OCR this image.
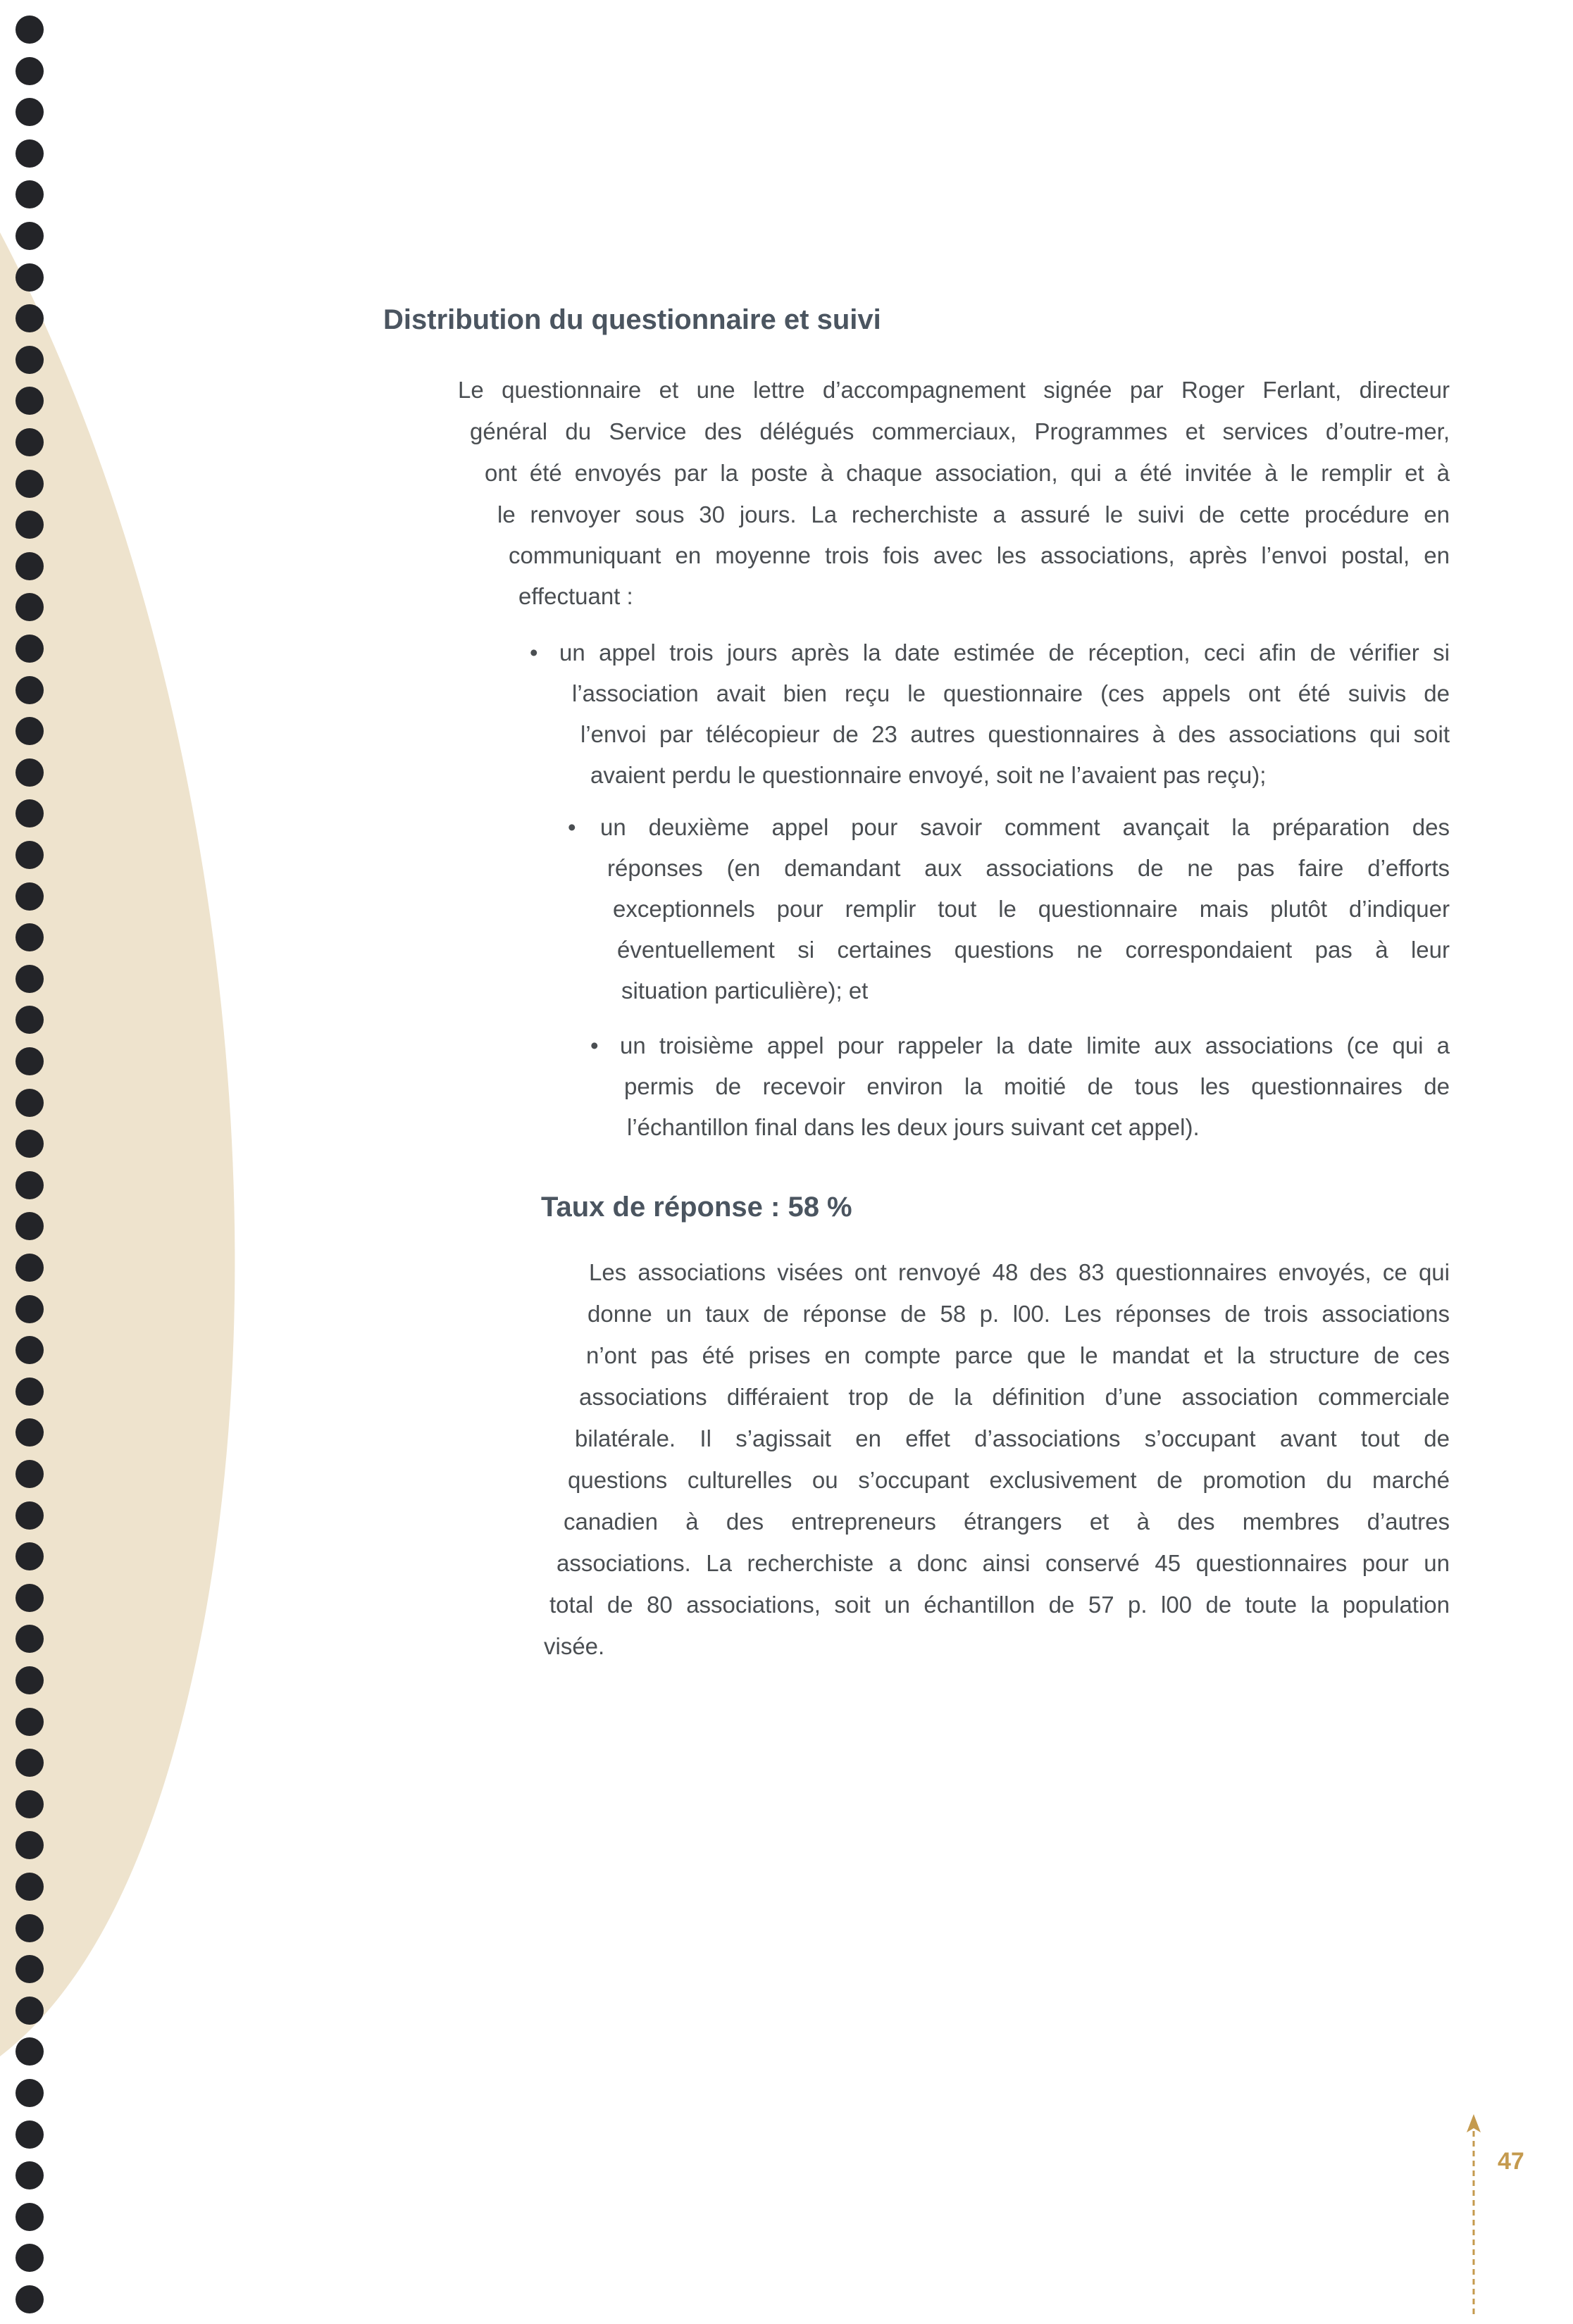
Distribution du questionnaire et suivi
Le questionnaire et une lettre d’accompagnement signée par Roger Ferlant, directeur
général du Service des délégués commerciaux, Programmes et services d’outre-mer,
ont été envoyés par la poste à chaque association, qui a été invitée à le remplir et à
le renvoyer sous 30 jours. La recherchiste a assuré le suivi de cette procédure en
communiquant en moyenne trois fois avec les associations, après l’envoi postal, en
effectuant :
• un appel trois jours après la date estimée de réception, ceci afin de vérifier si
l’association avait bien reçu le questionnaire (ces appels ont été suivis de
l’envoi par télécopieur de 23 autres questionnaires à des associations qui soit
avaient perdu le questionnaire envoyé, soit ne l’avaient pas reçu);
• un deuxième appel pour savoir comment avançait la préparation des
réponses (en demandant aux associations de ne pas faire d’efforts
exceptionnels pour remplir tout le questionnaire mais plutôt d’indiquer
éventuellement si certaines questions ne correspondaient pas à leur
situation particulière); et
• un troisième appel pour rappeler la date limite aux associations (ce qui a
permis de recevoir environ la moitié de tous les questionnaires de
l’échantillon final dans les deux jours suivant cet appel).
Taux de réponse : 58 %
Les associations visées ont renvoyé 48 des 83 questionnaires envoyés, ce qui
donne un taux de réponse de 58 p. l00. Les réponses de trois associations
n’ont pas été prises en compte parce que le mandat et la structure de ces
associations différaient trop de la définition d’une association commerciale
bilatérale. Il s’agissait en effet d’associations s’occupant avant tout de
questions culturelles ou s’occupant exclusivement de promotion du marché
canadien à des entrepreneurs étrangers et à des membres d’autres
associations. La recherchiste a donc ainsi conservé 45 questionnaires pour un
total de 80 associations, soit un échantillon de 57 p. l00 de toute la population
visée.
47
